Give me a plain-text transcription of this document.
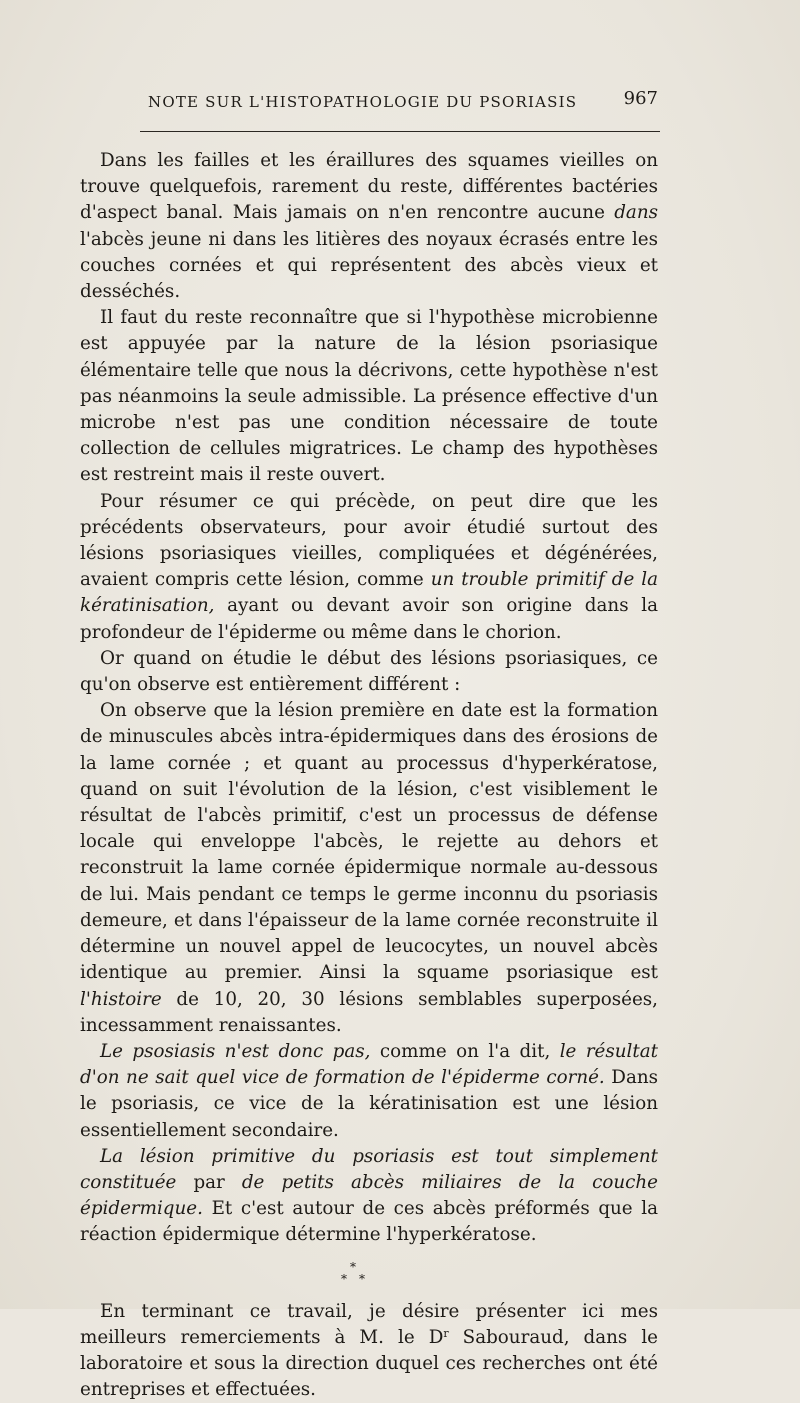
NOTE SUR L'HISTOPATHOLOGIE DU PSORIASIS	967

Dans les failles et les éraillures des squames vieilles on trouve quelquefois, rarement du reste, différentes bactéries d'aspect banal. Mais jamais on n'en rencontre aucune dans l'abcès jeune ni dans les litières des noyaux écrasés entre les couches cornées et qui représentent des abcès vieux et desséchés.

Il faut du reste reconnaître que si l'hypothèse microbienne est appuyée par la nature de la lésion psoriasique élémentaire telle que nous la décrivons, cette hypothèse n'est pas néanmoins la seule admissible. La présence effective d'un microbe n'est pas une condition nécessaire de toute collection de cellules migratrices. Le champ des hypothèses est restreint mais il reste ouvert.

Pour résumer ce qui précède, on peut dire que les précédents observateurs, pour avoir étudié surtout des lésions psoriasiques vieilles, compliquées et dégénérées, avaient compris cette lésion, comme un trouble primitif de la kératinisation, ayant ou devant avoir son origine dans la profondeur de l'épiderme ou même dans le chorion.

Or quand on étudie le début des lésions psoriasiques, ce qu'on observe est entièrement différent :

On observe que la lésion première en date est la formation de minuscules abcès intra-épidermiques dans des érosions de la lame cornée ; et quant au processus d'hyperkératose, quand on suit l'évolution de la lésion, c'est visiblement le résultat de l'abcès primitif, c'est un processus de défense locale qui enveloppe l'abcès, le rejette au dehors et reconstruit la lame cornée épidermique normale au-dessous de lui. Mais pendant ce temps le germe inconnu du psoriasis demeure, et dans l'épaisseur de la lame cornée reconstruite il détermine un nouvel appel de leucocytes, un nouvel abcès identique au premier. Ainsi la squame psoriasique est l'histoire de 10, 20, 30 lésions semblables superposées, incessamment renaissantes.

Le psosiasis n'est donc pas, comme on l'a dit, le résultat d'on ne sait quel vice de formation de l'épiderme corné. Dans le psoriasis, ce vice de la kératinisation est une lésion essentiellement secondaire.

La lésion primitive du psoriasis est tout simplement constituée par de petits abcès miliaires de la couche épidermique. Et c'est autour de ces abcès préformés que la réaction épidermique détermine l'hyperkératose.

*
* *

En terminant ce travail, je désire présenter ici mes meilleurs remerciements à M. le $D^r$ Sabouraud, dans le laboratoire et sous la direction duquel ces recherches ont été entreprises et effectuées.
